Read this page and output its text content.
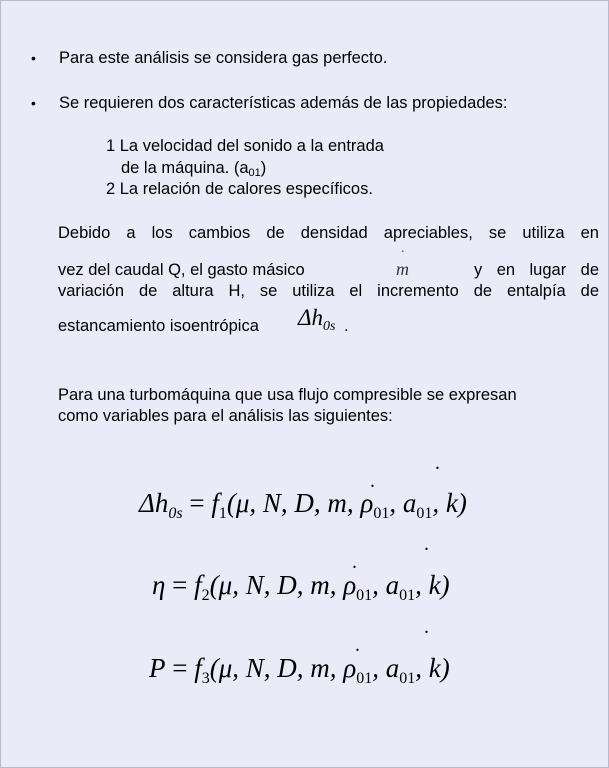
• Para este análisis se considera gas perfecto.
• Se requieren dos características además de las propiedades:
1 La velocidad del sonido a la entrada
de la máquina. (a01)
2 La relación de calores específicos.
Debido a los cambios de densidad apreciables, se utiliza en
vez del caudal Q, el gasto másico	m
.
y en lugar de
variación de altura H, se utiliza el incremento de entalpía de
estancamiento isoentrópica $\Delta h_{0s}$ .
Para una turbomáquina que usa flujo compresible se expresan
como variables para el análisis las siguientes:
.
.
$\Delta h_{0s} = f_1(\mu$, N, D, m, $\rho_{01}$, $a_{01}$, k)
.
.
$\eta = f_2(\mu$, N, D, m, $\rho_{01}$, $a_{01}$, k)
.
.
$P = f_3(\mu$, N, D, m, $\rho_{01}$, $a_{01}$, k)
